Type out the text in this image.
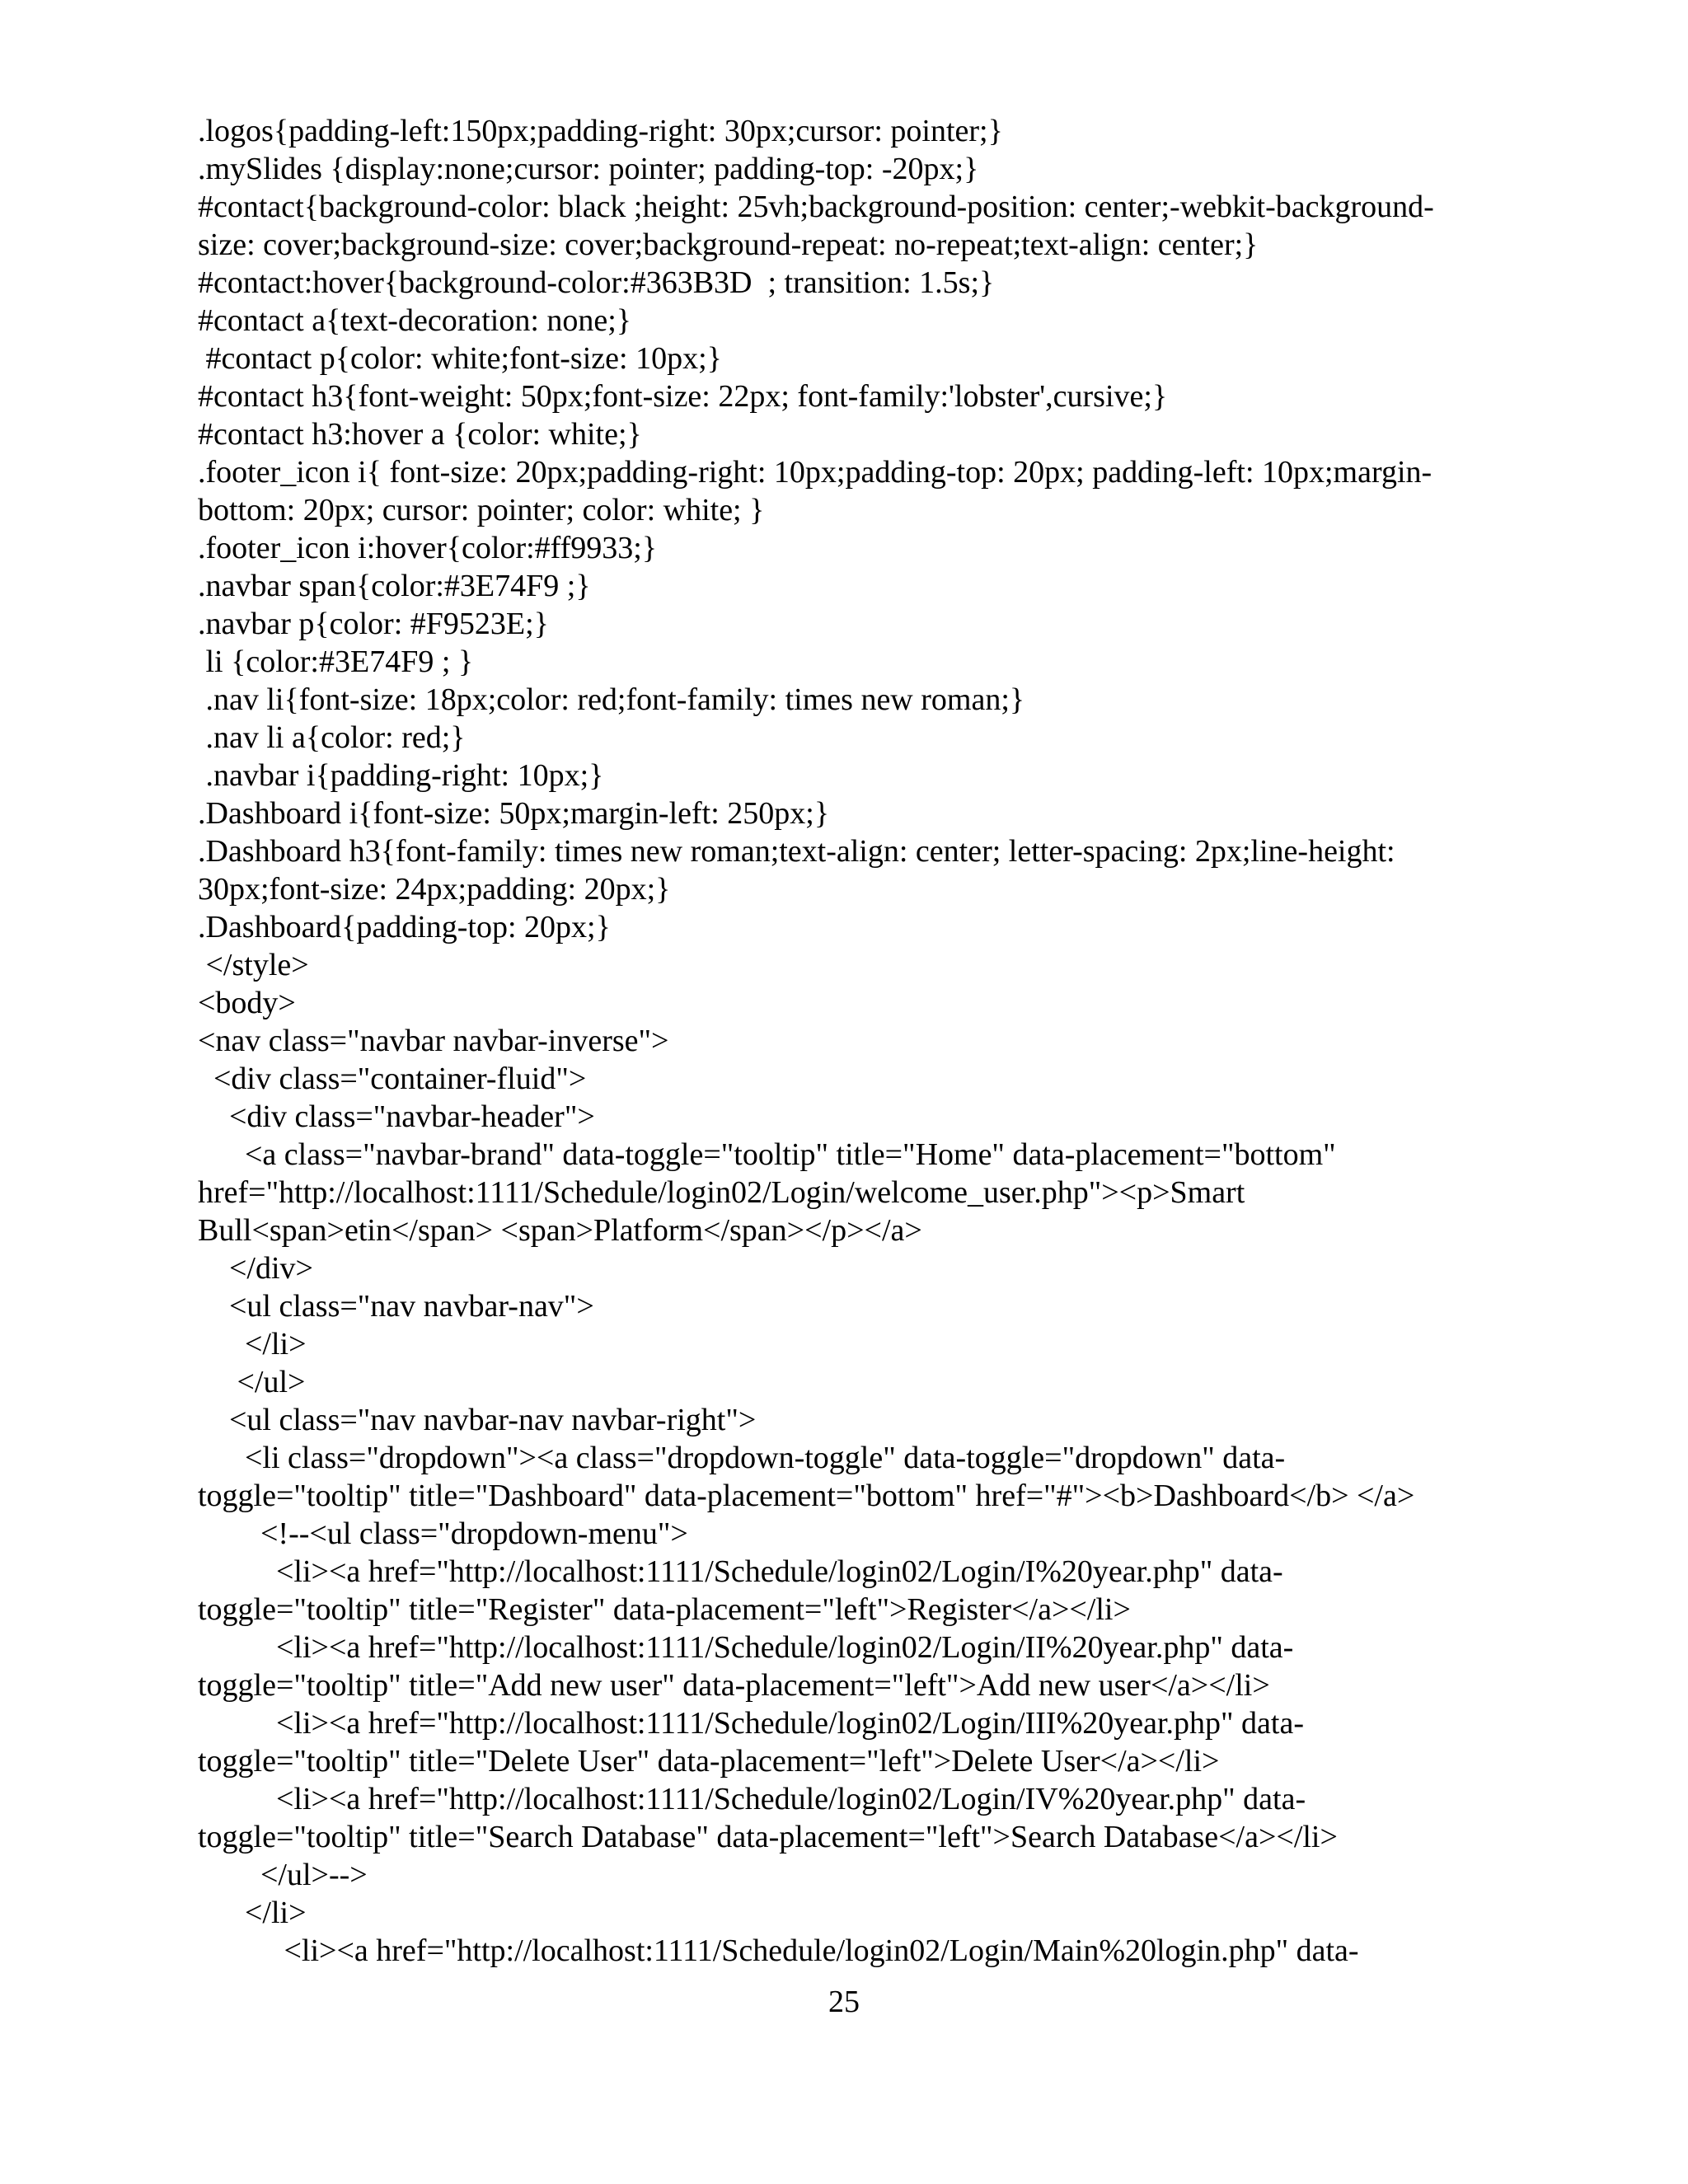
.logos{padding-left:150px;padding-right: 30px;cursor: pointer;}
.mySlides {display:none;cursor: pointer; padding-top: -20px;}
#contact{background-color: black ;height: 25vh;background-position: center;-webkit-background-
size: cover;background-size: cover;background-repeat: no-repeat;text-align: center;}
#contact:hover{background-color:#363B3D  ; transition: 1.5s;}
#contact a{text-decoration: none;}
#contact p{color: white;font-size: 10px;}
#contact h3{font-weight: 50px;font-size: 22px; font-family:'lobster',cursive;}
#contact h3:hover a {color: white;}
.footer_icon i{ font-size: 20px;padding-right: 10px;padding-top: 20px; padding-left: 10px;margin-
bottom: 20px; cursor: pointer; color: white; }
.footer_icon i:hover{color:#ff9933;}
.navbar span{color:#3E74F9 ;}
.navbar p{color: #F9523E;}
li {color:#3E74F9 ; }
.nav li{font-size: 18px;color: red;font-family: times new roman;}
.nav li a{color: red;}
.navbar i{padding-right: 10px;}
.Dashboard i{font-size: 50px;margin-left: 250px;}
.Dashboard h3{font-family: times new roman;text-align: center; letter-spacing: 2px;line-height:
30px;font-size: 24px;padding: 20px;}
.Dashboard{padding-top: 20px;}
</style>
<body>
<nav class="navbar navbar-inverse">
<div class="container-fluid">
<div class="navbar-header">
<a class="navbar-brand" data-toggle="tooltip" title="Home" data-placement="bottom"
href="http://localhost:1111/Schedule/login02/Login/welcome_user.php"><p>Smart
Bull<span>etin</span> <span>Platform</span></p></a>
</div>
<ul class="nav navbar-nav">
</li>
</ul>
<ul class="nav navbar-nav navbar-right">
<li class="dropdown"><a class="dropdown-toggle" data-toggle="dropdown" data-
toggle="tooltip" title="Dashboard" data-placement="bottom" href="#"><b>Dashboard</b> </a>
<!--<ul class="dropdown-menu">
<li><a href="http://localhost:1111/Schedule/login02/Login/I%20year.php" data-
toggle="tooltip" title="Register" data-placement="left">Register</a></li>
<li><a href="http://localhost:1111/Schedule/login02/Login/II%20year.php" data-
toggle="tooltip" title="Add new user" data-placement="left">Add new user</a></li>
<li><a href="http://localhost:1111/Schedule/login02/Login/III%20year.php" data-
toggle="tooltip" title="Delete User" data-placement="left">Delete User</a></li>
<li><a href="http://localhost:1111/Schedule/login02/Login/IV%20year.php" data-
toggle="tooltip" title="Search Database" data-placement="left">Search Database</a></li>
</ul>-->
</li>
<li><a href="http://localhost:1111/Schedule/login02/Login/Main%20login.php" data-
25
